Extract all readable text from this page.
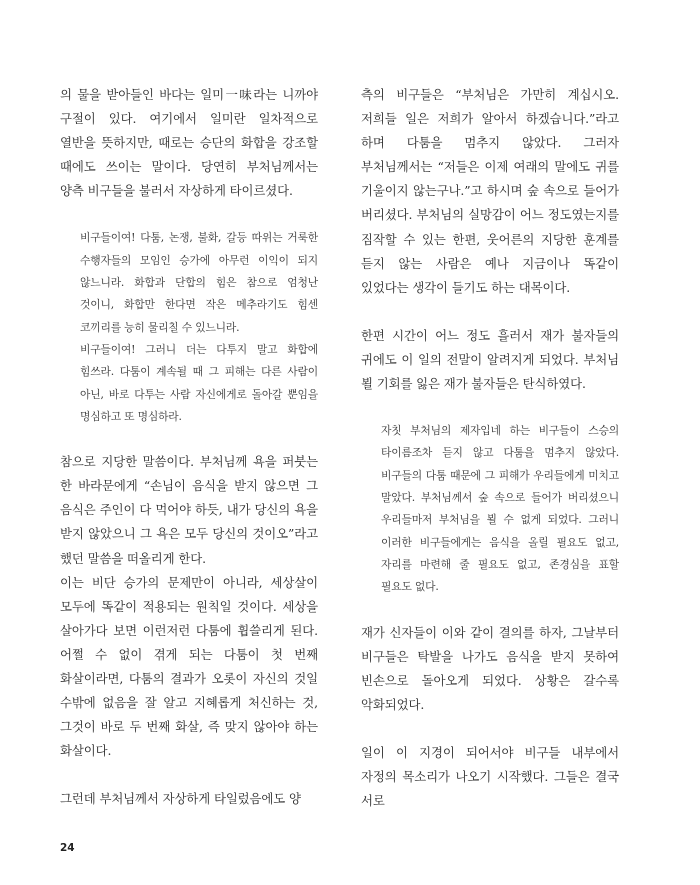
의 물을 받아들인 바다는 일미一味라는 니까야 구절이 있다. 여기에서 일미란 일차적으로 열반을 뜻하지만, 때로는 승단의 화합을 강조할 때에도 쓰이는 말이다. 당연히 부처님께서는 양측 비구들을 불러서 자상하게 타이르셨다.

비구들이여! 다툼, 논쟁, 불화, 갈등 따위는 거룩한 수행자들의 모임인 승가에 아무런 이익이 되지 않느니라. 화합과 단합의 힘은 참으로 엄청난 것이니, 화합만 한다면 작은 메추라기도 힘센 코끼리를 능히 물리칠 수 있느니라.

비구들이여! 그러니 더는 다투지 말고 화합에 힘쓰라. 다툼이 계속될 때 그 피해는 다른 사람이 아닌, 바로 다투는 사람 자신에게로 돌아갈 뿐임을 명심하고 또 명심하라.

참으로 지당한 말씀이다. 부처님께 욕을 퍼붓는 한 바라문에게 “손님이 음식을 받지 않으면 그 음식은 주인이 다 먹어야 하듯, 내가 당신의 욕을 받지 않았으니 그 욕은 모두 당신의 것이오”라고 했던 말씀을 떠올리게 한다.

이는 비단 승가의 문제만이 아니라, 세상살이 모두에 똑같이 적용되는 원칙일 것이다. 세상을 살아가다 보면 이런저런 다툼에 휩쓸리게 된다. 어쩔 수 없이 겪게 되는 다툼이 첫 번째 화살이라면, 다툼의 결과가 오롯이 자신의 것일 수밖에 없음을 잘 알고 지혜롭게 처신하는 것, 그것이 바로 두 번째 화살, 즉 맞지 않아야 하는 화살이다.

그런데 부처님께서 자상하게 타일렀음에도 양

측의 비구들은 “부처님은 가만히 계십시오. 저희들 일은 저희가 알아서 하겠습니다.”라고 하며 다툼을 멈추지 않았다. 그러자 부처님께서는 “저들은 이제 여래의 말에도 귀를 기울이지 않는구나.”고 하시며 숲 속으로 들어가 버리셨다. 부처님의 실망감이 어느 정도였는지를 짐작할 수 있는 한편, 웃어른의 지당한 훈계를 듣지 않는 사람은 예나 지금이나 똑같이 있었다는 생각이 들기도 하는 대목이다.

한편 시간이 어느 정도 흘러서 재가 불자들의 귀에도 이 일의 전말이 알려지게 되었다. 부처님 뵐 기회를 잃은 재가 불자들은 탄식하였다.

자칫 부처님의 제자입네 하는 비구들이 스승의 타이름조차 듣지 않고 다툼을 멈추지 않았다. 비구들의 다툼 때문에 그 피해가 우리들에게 미치고 말았다. 부처님께서 숲 속으로 들어가 버리셨으니 우리들마저 부처님을 뵐 수 없게 되었다. 그러니 이러한 비구들에게는 음식을 올릴 필요도 없고, 자리를 마련해 줄 필요도 없고, 존경심을 표할 필요도 없다.

재가 신자들이 이와 같이 결의를 하자, 그날부터 비구들은 탁발을 나가도 음식을 받지 못하여 빈손으로 돌아오게 되었다. 상황은 갈수록 악화되었다.

일이 이 지경이 되어서야 비구들 내부에서 자정의 목소리가 나오기 시작했다. 그들은 결국 서로

24
